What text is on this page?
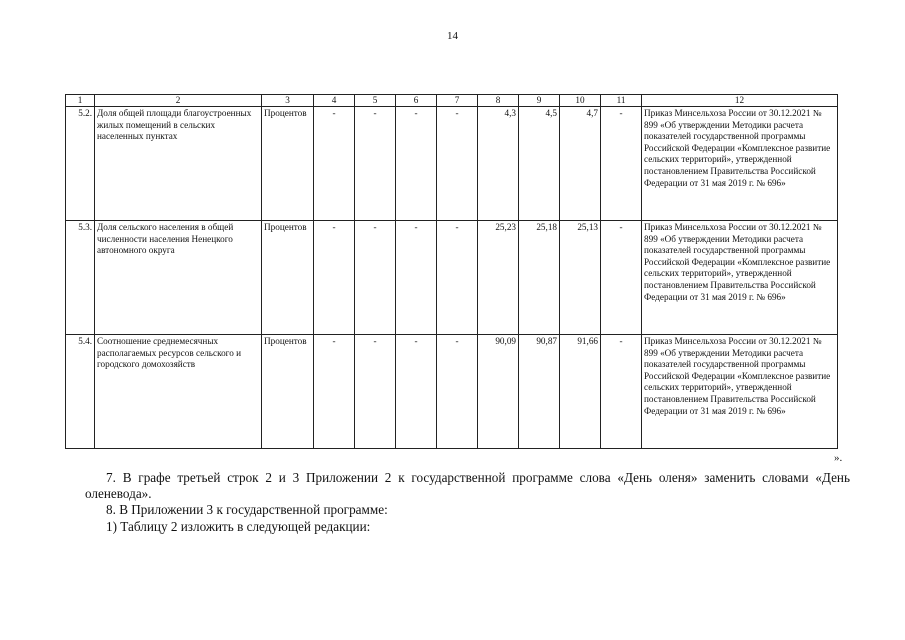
14
1	2	3	4	5	6	7	8	9	10	11	12
5.2.	Доля общей площади благоустроенных жилых помещений в сельских населенных пунктах	Процентов	-	-	-	-	4,3	4,5	4,7	-	Приказ Минсельхоза России от 30.12.2021 № 899 «Об утверждении Методики расчета показателей государственной программы Российской Федерации «Комплексное развитие сельских территорий», утвержденной постановлением Правительства Российской Федерации от 31 мая 2019 г. № 696»
5.3.	Доля сельского населения в общей численности населения Ненецкого автономного округа	Процентов	-	-	-	-	25,23	25,18	25,13	-	Приказ Минсельхоза России от 30.12.2021 № 899 «Об утверждении Методики расчета показателей государственной программы Российской Федерации «Комплексное развитие сельских территорий», утвержденной постановлением Правительства Российской Федерации от 31 мая 2019 г. № 696»
5.4.	Соотношение среднемесячных располагаемых ресурсов сельского и городского домохозяйств	Процентов	-	-	-	-	90,09	90,87	91,66	-	Приказ Минсельхоза России от 30.12.2021 № 899 «Об утверждении Методики расчета показателей государственной программы Российской Федерации «Комплексное развитие сельских территорий», утвержденной постановлением Правительства Российской Федерации от 31 мая 2019 г. № 696»
».
7. В графе третьей строк 2 и 3 Приложении 2 к государственной программе слова «День оленя» заменить словами «День оленевода».
8. В Приложении 3 к государственной программе:
1) Таблицу 2 изложить в следующей редакции:
